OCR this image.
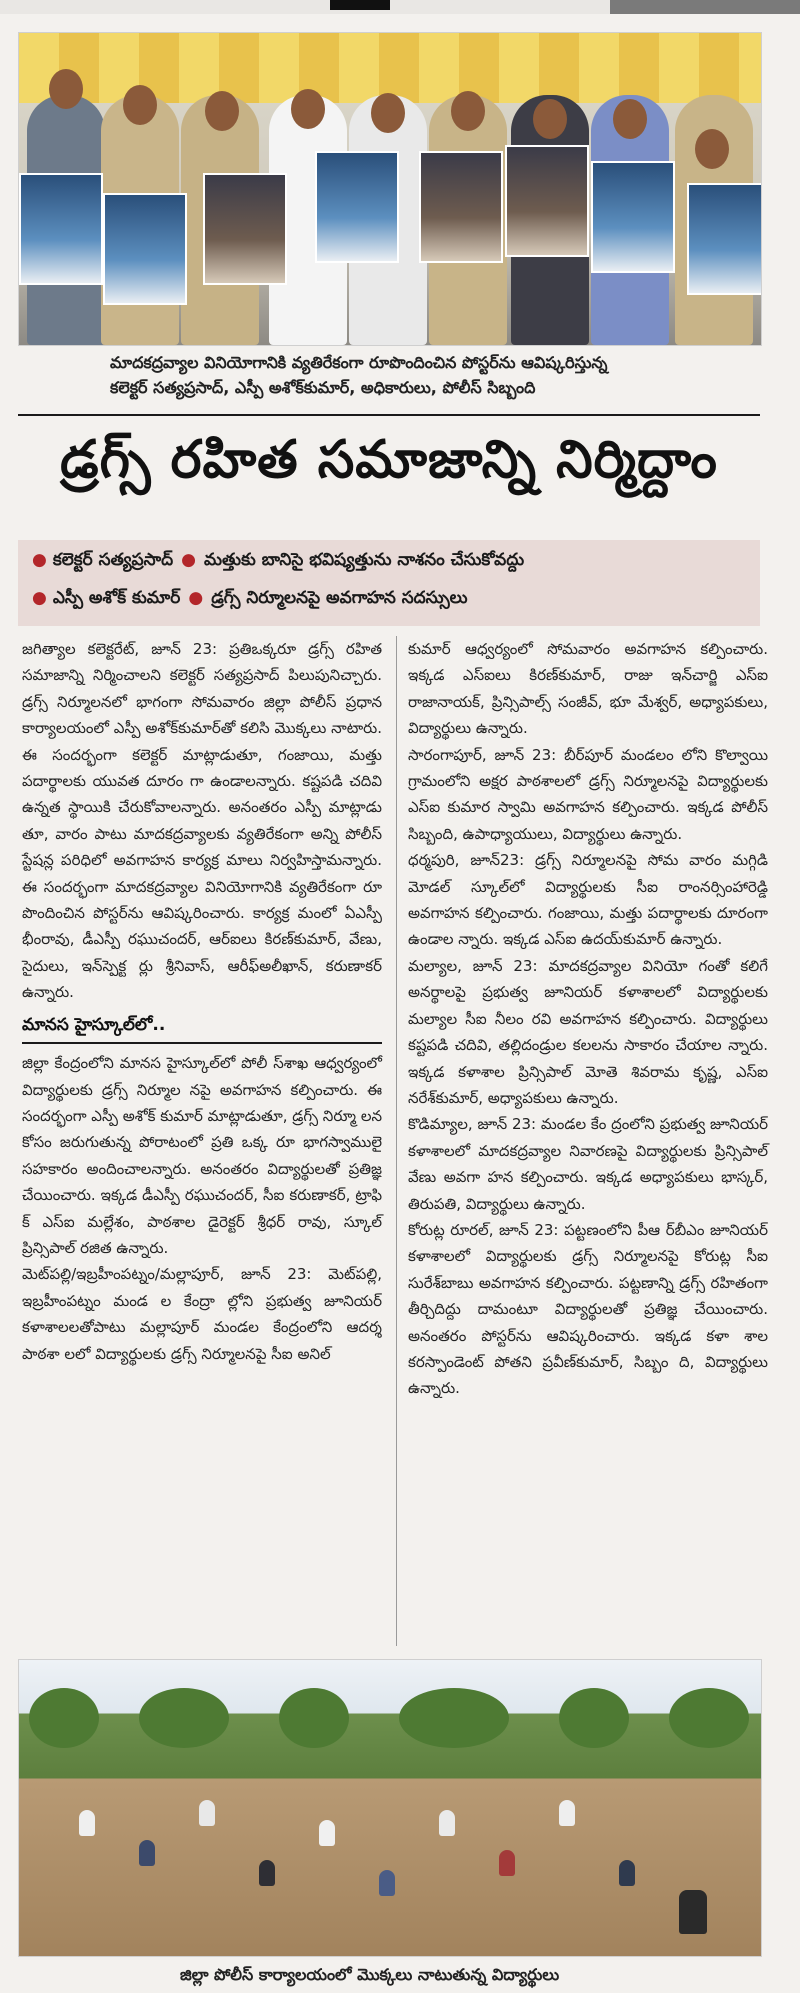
మాదకద్రవ్యాల వినియోగానికి వ్యతిరేకంగా రూపొందించిన పోస్టర్‌ను ఆవిష్కరిస్తున్న
కలెక్టర్ సత్యప్రసాద్, ఎస్పీ అశోక్‌కుమార్, అధికారులు, పోలీస్ సిబ్బంది
డ్రగ్స్ రహిత సమాజాన్ని నిర్మిద్దాం
● కలెక్టర్ సత్యప్రసాద్ ● మత్తుకు బానిసై భవిష్యత్తును నాశనం చేసుకోవద్దు
● ఎస్పీ అశోక్ కుమార్ ● డ్రగ్స్ నిర్మూలనపై అవగాహన సదస్సులు

జగిత్యాల కలెక్టరేట్, జూన్ 23: ప్రతిఒక్కరూ డ్రగ్స్ రహిత సమాజాన్ని నిర్మించాలని కలెక్టర్ సత్యప్రసాద్ పిలుపునిచ్చారు. డ్రగ్స్ నిర్మూలనలో భాగంగా సోమవారం జిల్లా పోలీస్ ప్రధాన కార్యాలయంలో ఎస్పీ అశోక్‌కుమార్‌తో కలిసి మొక్కలు నాటారు. ఈ సందర్భంగా కలెక్టర్ మాట్లాడుతూ, గంజాయి, మత్తు పదార్థాలకు యువత దూరం గా ఉండాలన్నారు. కష్టపడి చదివి ఉన్నత స్థాయికి చేరుకోవాలన్నారు. అనంతరం ఎస్పీ మాట్లాడు తూ, వారం పాటు మాదకద్రవ్యాలకు వ్యతిరేకంగా అన్ని పోలీస్ స్టేషన్ల పరిధిలో అవగాహన కార్యక్ర మాలు నిర్వహిస్తామన్నారు. ఈ సందర్భంగా మాదకద్రవ్యాల వినియోగానికి వ్యతిరేకంగా రూ పొందించిన పోస్టర్‌ను ఆవిష్కరించారు. కార్యక్ర మంలో ఏఎస్పీ భీంరావు, డీఎస్పీ రఘుచందర్, ఆర్‌ఐలు కిరణ్‌కుమార్, వేణు, సైదులు, ఇన్‌స్పెక్ట ర్లు శ్రీనివాస్, ఆరీఫ్‌అలీఖాన్, కరుణాకర్ ఉన్నారు.

మానస హైస్కూల్‌లో..

జిల్లా కేంద్రంలోని మానస హైస్కూల్‌లో పోలీ స్‌శాఖ ఆధ్వర్యంలో విద్యార్థులకు డ్రగ్స్ నిర్మూల నపై అవగాహన కల్పించారు. ఈ సందర్భంగా ఎస్పీ అశోక్ కుమార్ మాట్లాడుతూ, డ్రగ్స్ నిర్మూ లన కోసం జరుగుతున్న పోరాటంలో ప్రతి ఒక్క రూ భాగస్వాములై సహకారం అందించాలన్నారు. అనంతరం విద్యార్థులతో ప్రతిజ్ఞ చేయించారు. ఇక్కడ డీఎస్పీ రఘుచందర్, సీఐ కరుణాకర్, ట్రాఫి క్ ఎస్‌ఐ మల్లేశం, పాఠశాల డైరెక్టర్ శ్రీధర్ రావు, స్కూల్ ప్రిన్సిపాల్ రజిత ఉన్నారు.

మెట్‌పల్లి/ఇబ్రహీంపట్నం/మల్లాపూర్, జూన్ 23: మెట్‌పల్లి, ఇబ్రహీంపట్నం మండ ల కేంద్రా ల్లోని ప్రభుత్వ జూనియర్ కళాశాలలతోపాటు మల్లాపూర్ మండల కేంద్రంలోని ఆదర్శ పాఠశా లలో విద్యార్థులకు డ్రగ్స్ నిర్మూలనపై సీఐ అనిల్

కుమార్ ఆధ్వర్యంలో సోమవారం అవగాహన కల్పించారు. ఇక్కడ ఎస్‌ఐలు కిరణ్‌కుమార్, రాజు ఇన్‌చార్జి ఎస్‌ఐ రాజానాయక్, ప్రిన్సిపాల్స్ సంజీవ్, భూ మేశ్వర్, అధ్యాపకులు, విద్యార్థులు ఉన్నారు.

సారంగాపూర్, జూన్ 23: బీర్‌పూర్ మండలం లోని కొల్వాయి గ్రామంలోని అక్షర పాఠశాలలో డ్రగ్స్ నిర్మూలనపై విద్యార్థులకు ఎస్‌ఐ కుమార స్వామి అవగాహన కల్పించారు. ఇక్కడ పోలీస్ సిబ్బంది, ఉపాధ్యాయులు, విద్యార్థులు ఉన్నారు.

ధర్మపురి, జూన్23: డ్రగ్స్ నిర్మూలనపై సోమ వారం మగ్గిడి మోడల్ స్కూల్‌లో విద్యార్థులకు సీఐ రాంనర్సింహారెడ్డి అవగాహన కల్పించారు. గంజాయి, మత్తు పదార్థాలకు దూరంగా ఉండాల న్నారు. ఇక్కడ ఎస్‌ఐ ఉదయ్‌కుమార్ ఉన్నారు.

మల్యాల, జూన్ 23: మాదకద్రవ్యాల వినియో గంతో కలిగే అనర్థాలపై ప్రభుత్వ జూనియర్ కళాశాలలో విద్యార్థులకు మల్యాల సీఐ నీలం రవి అవగాహన కల్పించారు. విద్యార్థులు కష్టపడి చదివి, తల్లిదండ్రుల కలలను సాకారం చేయాల న్నారు. ఇక్కడ కళాశాల ప్రిన్సిపాల్ మోతె శివరామ కృష్ణ, ఎస్‌ఐ నరేశ్‌కుమార్, అధ్యాపకులు ఉన్నారు.

కొడిమ్యాల, జూన్ 23: మండల కేం ద్రంలోని ప్రభుత్వ జూనియర్ కళాశాలలో మాదకద్రవ్యాల నివారణపై విద్యార్థులకు ప్రిన్సిపాల్ వేణు అవగా హన కల్పించారు. ఇక్కడ అధ్యాపకులు భాస్కర్, తిరుపతి, విద్యార్థులు ఉన్నారు.

కోరుట్ల రూరల్, జూన్ 23: పట్టణంలోని పీఆ ర్‌బీఎం జూనియర్ కళాశాలలో విద్యార్థులకు డ్రగ్స్ నిర్మూలనపై కోరుట్ల సీఐ సురేశ్‌బాబు అవగాహన కల్పించారు. పట్టణాన్ని డ్రగ్స్ రహితంగా తీర్చిదిద్దు దామంటూ విద్యార్థులతో ప్రతిజ్ఞ చేయించారు. అనంతరం పోస్టర్‌ను ఆవిష్కరించారు. ఇక్కడ కళా శాల కరస్పాండెంట్ పోతని ప్రవీణ్‌కుమార్, సిబ్బం ది, విద్యార్థులు ఉన్నారు.

జిల్లా పోలీస్ కార్యాలయంలో మొక్కలు నాటుతున్న విద్యార్థులు
